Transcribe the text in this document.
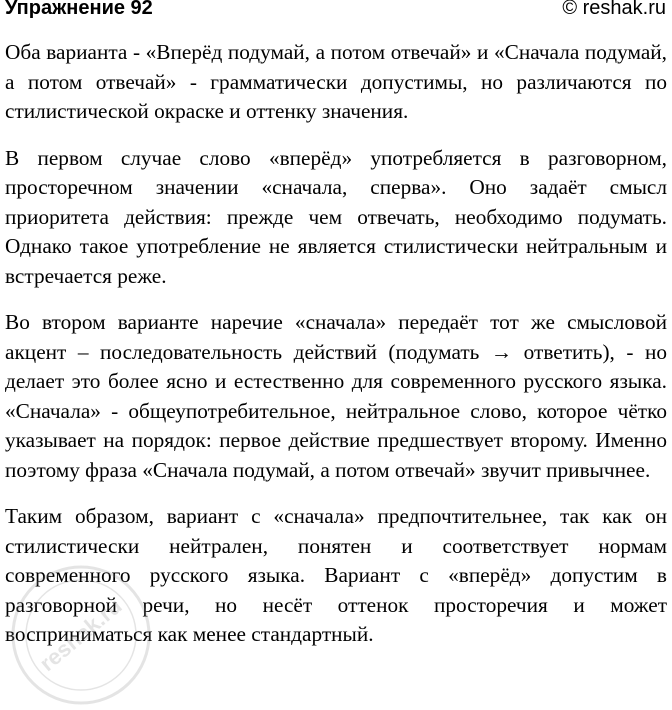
Упражнение 92	© reshak.ru

Оба варианта - «Вперёд подумай, а потом отвечай» и «Сначала подумай, а потом отвечай» - грамматически допустимы, но различаются по стилистической окраске и оттенку значения.

В первом случае слово «вперёд» употребляется в разговорном, просторечном значении «сначала, сперва». Оно задаёт смысл приоритета действия: прежде чем отвечать, необходимо подумать. Однако такое употребление не является стилистически нейтральным и встречается реже.

Во втором варианте наречие «сначала» передаёт тот же смысловой акцент – последовательность действий (подумать → ответить), - но делает это более ясно и естественно для современного русского языка. «Сначала» - общеупотребительное, нейтральное слово, которое чётко указывает на порядок: первое действие предшествует второму. Именно поэтому фраза «Сначала подумай, а потом отвечай» звучит привычнее.

Таким образом, вариант с «сначала» предпочтительнее, так как он стилистически нейтрален, понятен и соответствует нормам современного русского языка. Вариант с «вперёд» допустим в разговорной речи, но несёт оттенок просторечия и может восприниматься как менее стандартный.

reshak.ru
